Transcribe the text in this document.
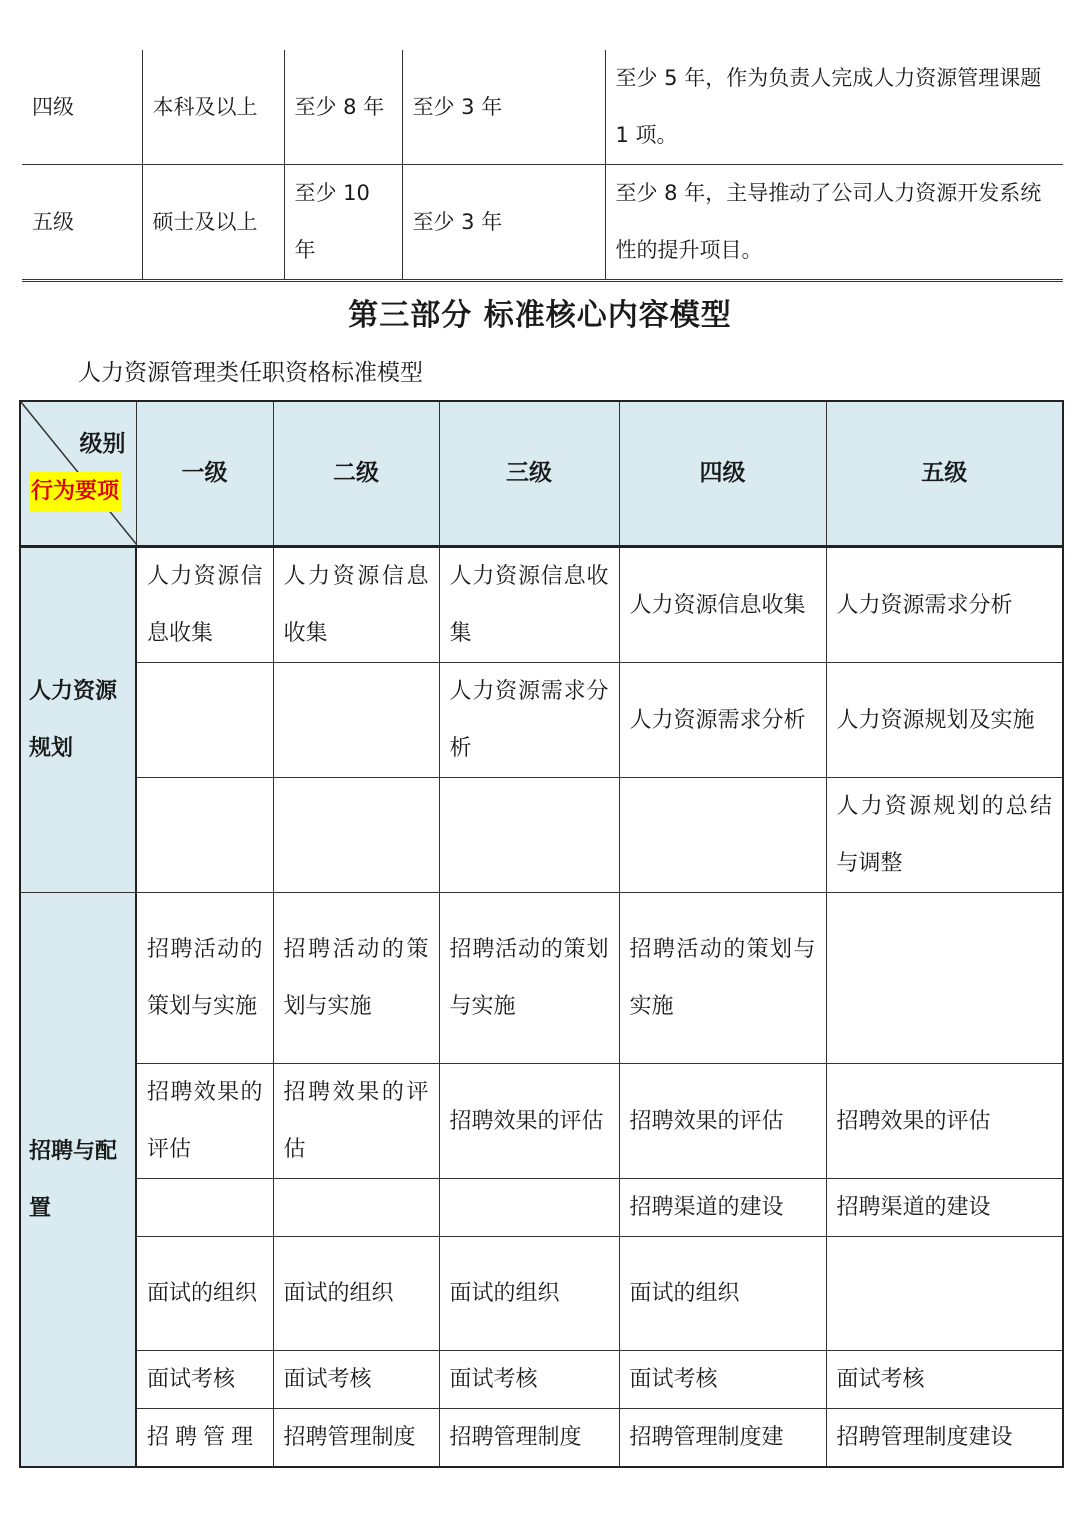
四级	本科及以上	至少 8 年	至少 3 年	至少 5 年，作为负责人完成人力资源管理课题 1 项。
五级	硕士及以上	至少 10 年	至少 3 年	至少 8 年，主导推动了公司人力资源开发系统性的提升项目。
第三部分 标准核心内容模型
人力资源管理类任职资格标准模型
级别
行为要项	一级	二级	三级	四级	五级
人力资源规划	人力资源信息收集	人力资源信息收集	人力资源信息收集	人力资源信息收集	人力资源需求分析
			人力资源需求分析	人力资源需求分析	人力资源规划及实施
					人力资源规划的总结与调整
招聘与配置	招聘活动的策划与实施	招聘活动的策划与实施	招聘活动的策划与实施	招聘活动的策划与实施	
	招聘效果的评估	招聘效果的评估	招聘效果的评估	招聘效果的评估	招聘效果的评估
				招聘渠道的建设	招聘渠道的建设
	面试的组织	面试的组织	面试的组织	面试的组织	
	面试考核	面试考核	面试考核	面试考核	面试考核
	招聘管理	招聘管理制度	招聘管理制度	招聘管理制度建	招聘管理制度建设
